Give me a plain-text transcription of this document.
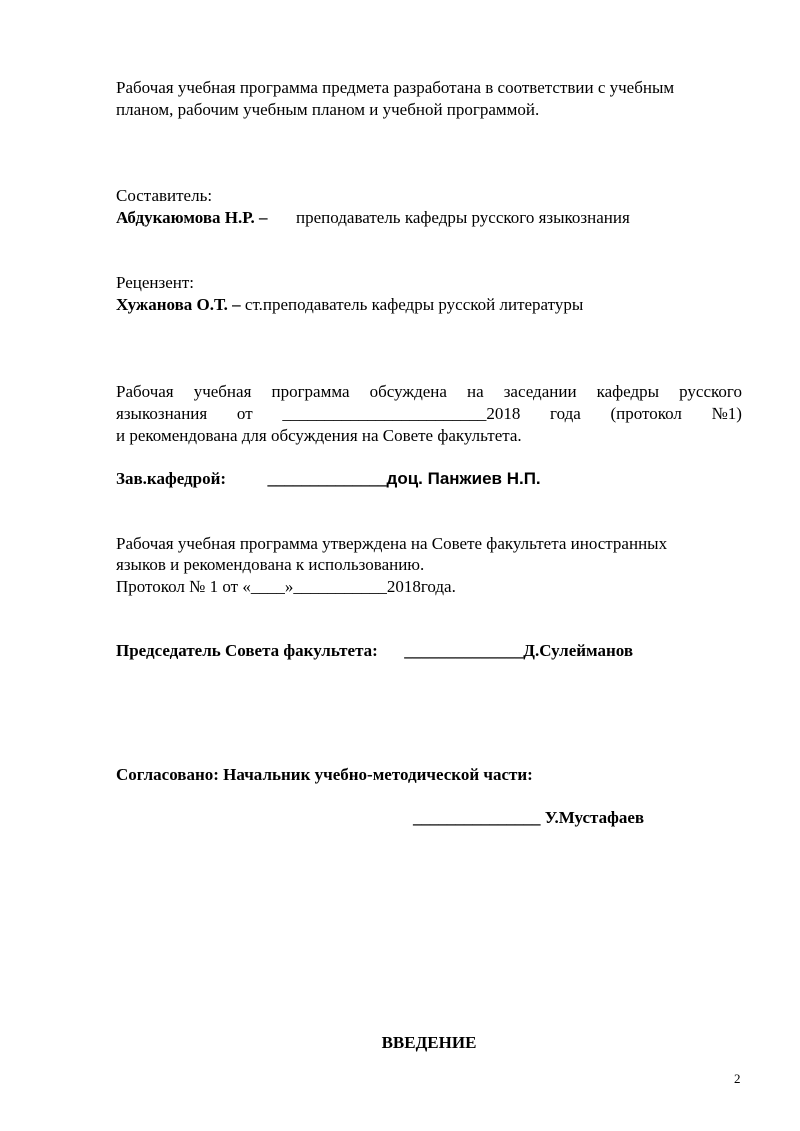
Рабочая учебная программа предмета разработана в соответствии с учебным
планом, рабочим учебным планом и учебной программой.
Составитель:
Абдукаюмова Н.Р. – преподаватель кафедры русского языкознания
Рецензент:
Хужанова О.Т. – ст.преподаватель кафедры русской литературы
Рабочая учебная программа обсуждена на заседании кафедры русского
языкознания от ________________________2018 года (протокол №1)
и рекомендована для обсуждения на Совете факультета.
Зав.кафедрой: ______________доц. Панжиев Н.П.
Рабочая учебная программа утверждена на Совете факультета иностранных
языков и рекомендована к использованию.
Протокол № 1 от «____»___________2018года.
Председатель Совета факультета: ______________Д.Сулейманов
Согласовано: Начальник учебно-методической части:
_______________ У.Мустафаев
ВВЕДЕНИЕ
2
